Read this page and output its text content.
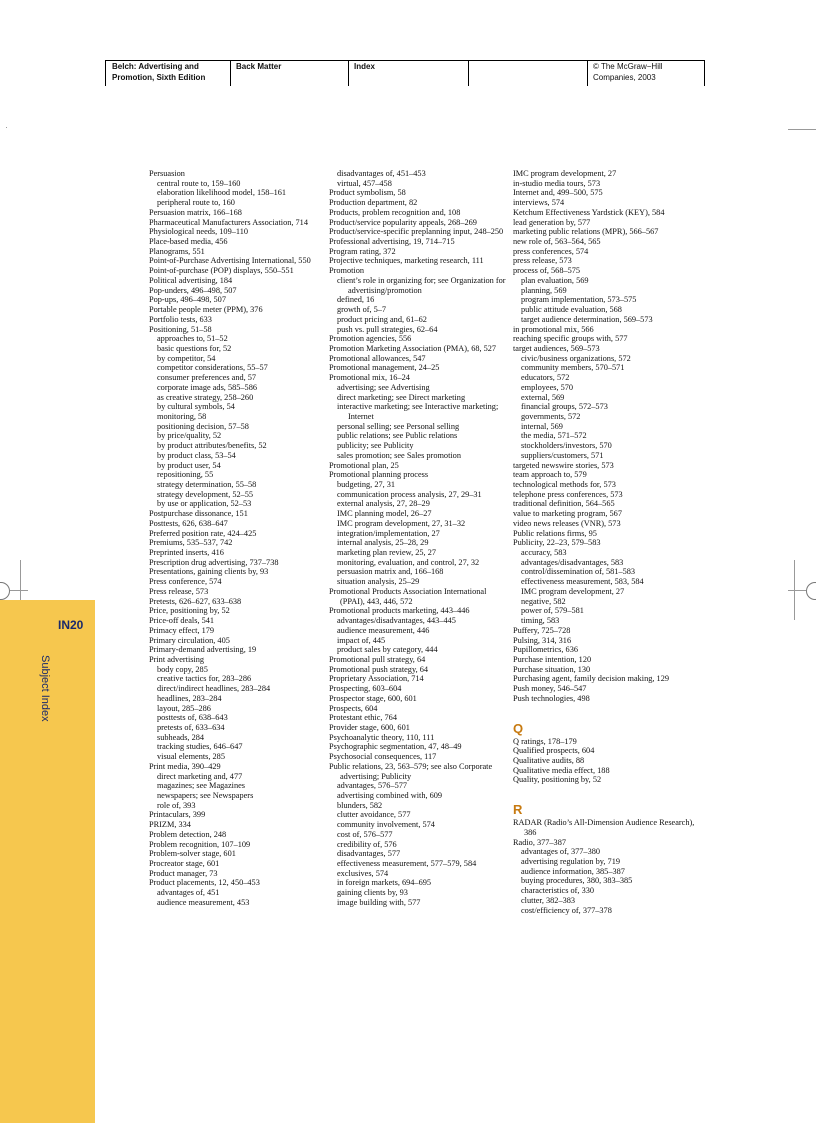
Belch: Advertising and Promotion, Sixth Edition
Back Matter	Index	© The McGraw−Hill Companies, 2003
IN20
Subject Index
Persuasion
central route to, 159–160
elaboration likelihood model, 158–161
peripheral route to, 160
Persuasion matrix, 166–168
Pharmaceutical Manufacturers Association, 714
Physiological needs, 109–110
Place-based media, 456
Planograms, 551
Point-of-Purchase Advertising International, 550
Point-of-purchase (POP) displays, 550–551
Political advertising, 184
Pop-unders, 496–498, 507
Pop-ups, 496–498, 507
Portable people meter (PPM), 376
Portfolio tests, 633
Positioning, 51–58
approaches to, 51–52
basic questions for, 52
by competitor, 54
competitor considerations, 55–57
consumer preferences and, 57
corporate image ads, 585–586
as creative strategy, 258–260
by cultural symbols, 54
monitoring, 58
positioning decision, 57–58
by price/quality, 52
by product attributes/benefits, 52
by product class, 53–54
by product user, 54
repositioning, 55
strategy determination, 55–58
strategy development, 52–55
by use or application, 52–53
Postpurchase dissonance, 151
Posttests, 626, 638–647
Preferred position rate, 424–425
Premiums, 535–537, 742
Preprinted inserts, 416
Prescription drug advertising, 737–738
Presentations, gaining clients by, 93
Press conference, 574
Press release, 573
Pretests, 626–627, 633–638
Price, positioning by, 52
Price-off deals, 541
Primacy effect, 179
Primary circulation, 405
Primary-demand advertising, 19
Print advertising
body copy, 285
creative tactics for, 283–286
direct/indirect headlines, 283–284
headlines, 283–284
layout, 285–286
posttests of, 638–643
pretests of, 633–634
subheads, 284
tracking studies, 646–647
visual elements, 285
Print media, 390–429
direct marketing and, 477
magazines; see Magazines
newspapers; see Newspapers
role of, 393
Printaculars, 399
PRIZM, 334
Problem detection, 248
Problem recognition, 107–109
Problem-solver stage, 601
Procreator stage, 601
Product manager, 73
Product placements, 12, 450–453
advantages of, 451
audience measurement, 453
disadvantages of, 451–453
virtual, 457–458
Product symbolism, 58
Production department, 82
Products, problem recognition and, 108
Product/service popularity appeals, 268–269
Product/service-specific preplanning input, 248–250
Professional advertising, 19, 714–715
Program rating, 372
Projective techniques, marketing research, 111
Promotion
client’s role in organizing for; see Organization for advertising/promotion
defined, 16
growth of, 5–7
product pricing and, 61–62
push vs. pull strategies, 62–64
Promotion agencies, 556
Promotion Marketing Association (PMA), 68, 527
Promotional allowances, 547
Promotional management, 24–25
Promotional mix, 16–24
advertising; see Advertising
direct marketing; see Direct marketing
interactive marketing; see Interactive marketing; Internet
personal selling; see Personal selling
public relations; see Public relations
publicity; see Publicity
sales promotion; see Sales promotion
Promotional plan, 25
Promotional planning process
budgeting, 27, 31
communication process analysis, 27, 29–31
external analysis, 27, 28–29
IMC planning model, 26–27
IMC program development, 27, 31–32
integration/implementation, 27
internal analysis, 25–28, 29
marketing plan review, 25, 27
monitoring, evaluation, and control, 27, 32
persuasion matrix and, 166–168
situation analysis, 25–29
Promotional Products Association International (PPAI), 443, 446, 572
Promotional products marketing, 443–446
advantages/disadvantages, 443–445
audience measurement, 446
impact of, 445
product sales by category, 444
Promotional pull strategy, 64
Promotional push strategy, 64
Proprietary Association, 714
Prospecting, 603–604
Prospector stage, 600, 601
Prospects, 604
Protestant ethic, 764
Provider stage, 600, 601
Psychoanalytic theory, 110, 111
Psychographic segmentation, 47, 48–49
Psychosocial consequences, 117
Public relations, 23, 563–579; see also Corporate advertising; Publicity
advantages, 576–577
advertising combined with, 609
blunders, 582
clutter avoidance, 577
community involvement, 574
cost of, 576–577
credibility of, 576
disadvantages, 577
effectiveness measurement, 577–579, 584
exclusives, 574
in foreign markets, 694–695
gaining clients by, 93
image building with, 577
IMC program development, 27
in-studio media tours, 573
Internet and, 499–500, 575
interviews, 574
Ketchum Effectiveness Yardstick (KEY), 584
lead generation by, 577
marketing public relations (MPR), 566–567
new role of, 563–564, 565
press conferences, 574
press release, 573
process of, 568–575
plan evaluation, 569
planning, 569
program implementation, 573–575
public attitude evaluation, 568
target audience determination, 569–573
in promotional mix, 566
reaching specific groups with, 577
target audiences, 569–573
civic/business organizations, 572
community members, 570–571
educators, 572
employees, 570
external, 569
financial groups, 572–573
governments, 572
internal, 569
the media, 571–572
stockholders/investors, 570
suppliers/customers, 571
targeted newswire stories, 573
team approach to, 579
technological methods for, 573
telephone press conferences, 573
traditional definition, 564–565
value to marketing program, 567
video news releases (VNR), 573
Public relations firms, 95
Publicity, 22–23, 579–583
accuracy, 583
advantages/disadvantages, 583
control/dissemination of, 581–583
effectiveness measurement, 583, 584
IMC program development, 27
negative, 582
power of, 579–581
timing, 583
Puffery, 725–728
Pulsing, 314, 316
Pupillometrics, 636
Purchase intention, 120
Purchase situation, 130
Purchasing agent, family decision making, 129
Push money, 546–547
Push technologies, 498
Q
Q ratings, 178–179
Qualified prospects, 604
Qualitative audits, 88
Qualitative media effect, 188
Quality, positioning by, 52
R
RADAR (Radio’s All-Dimension Audience Research), 386
Radio, 377–387
advantages of, 377–380
advertising regulation by, 719
audience information, 385–387
buying procedures, 380, 383–385
characteristics of, 330
clutter, 382–383
cost/efficiency of, 377–378
